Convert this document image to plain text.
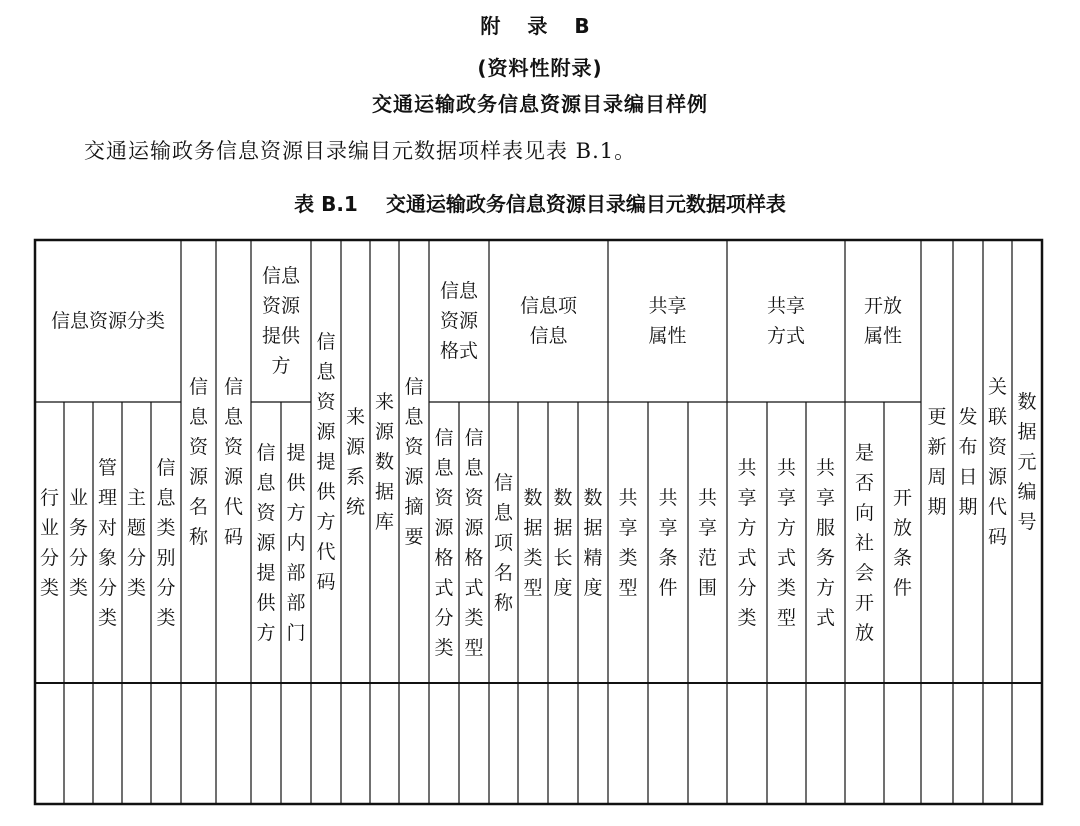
附 录 B
(资料性附录)
交通运输政务信息资源目录编目样例
交通运输政务信息资源目录编目元数据项样表见表 B.1。
表 B.1 交通运输政务信息资源目录编目元数据项样表
信息资源分类
信息资源提供方
信息资源格式
信息项信息
共享属性
共享方式
开放属性
信息资源名称
信息资源代码
信息资源提供方代码
来源系统
来源数据库
信息资源摘要
更新周期
发布日期
关联资源代码
数据元编号
行业分类
业务分类
管理对象分类
主题分类
信息类别分类
信息资源提供方
提供方内部部门
信息资源格式分类
信息资源格式类型
信息项名称
数据类型
数据长度
数据精度
共享类型
共享条件
共享范围
共享方式分类
共享方式类型
共享服务方式
是否向社会开放
开放条件
